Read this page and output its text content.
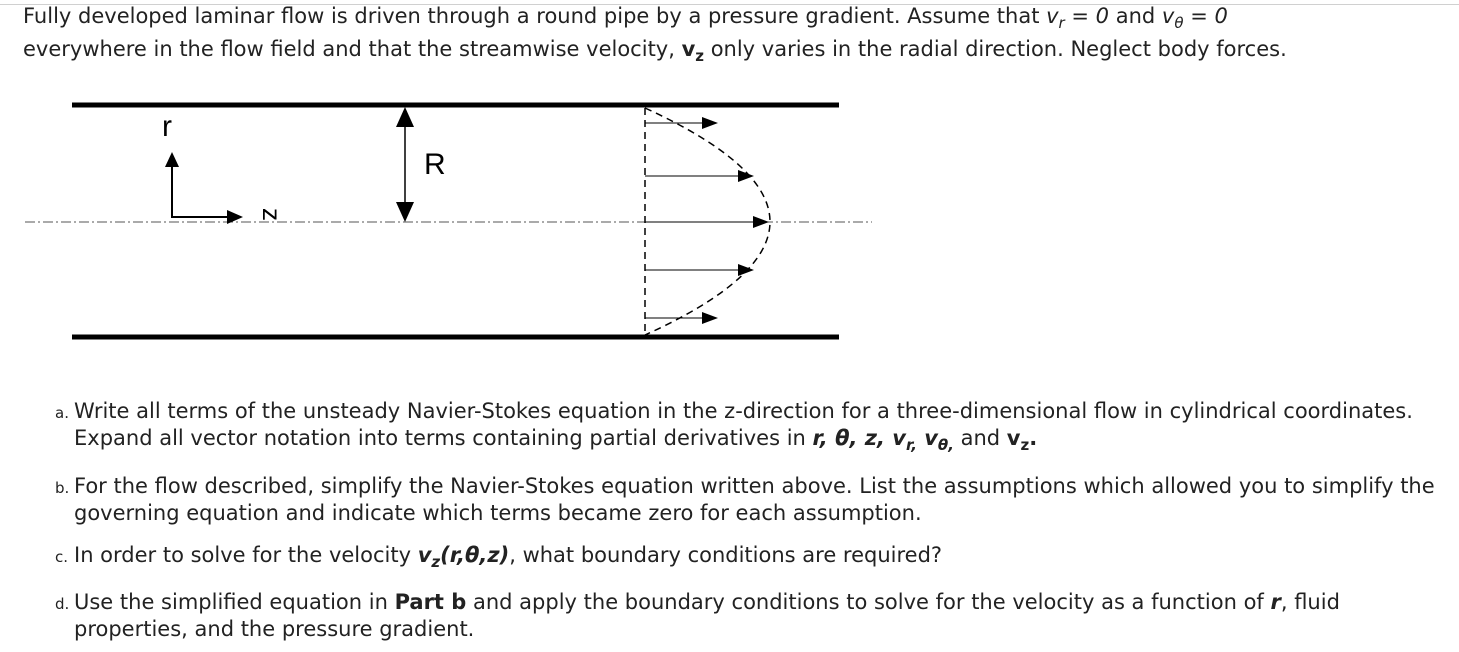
Fully developed laminar flow is driven through a round pipe by a pressure gradient. Assume that $v_r = 0$ and $v_\theta = 0$
everywhere in the flow field and that the streamwise velocity, $v_z$ only varies in the radial direction. Neglect body forces.

r
z
R
a. Write all terms of the unsteady Navier-Stokes equation in the z-direction for a three-dimensional flow in cylindrical coordinates. Expand all vector notation into terms containing partial derivatives in r, θ, z, $v_{r,}$ $v_{\theta,}$ and $v_z$.
b. For the flow described, simplify the Navier-Stokes equation written above. List the assumptions which allowed you to simplify the governing equation and indicate which terms became zero for each assumption.
c. In order to solve for the velocity $v_z(r,\theta,z)$, what boundary conditions are required?
d. Use the simplified equation in Part b and apply the boundary conditions to solve for the velocity as a function of r, fluid properties, and the pressure gradient.
